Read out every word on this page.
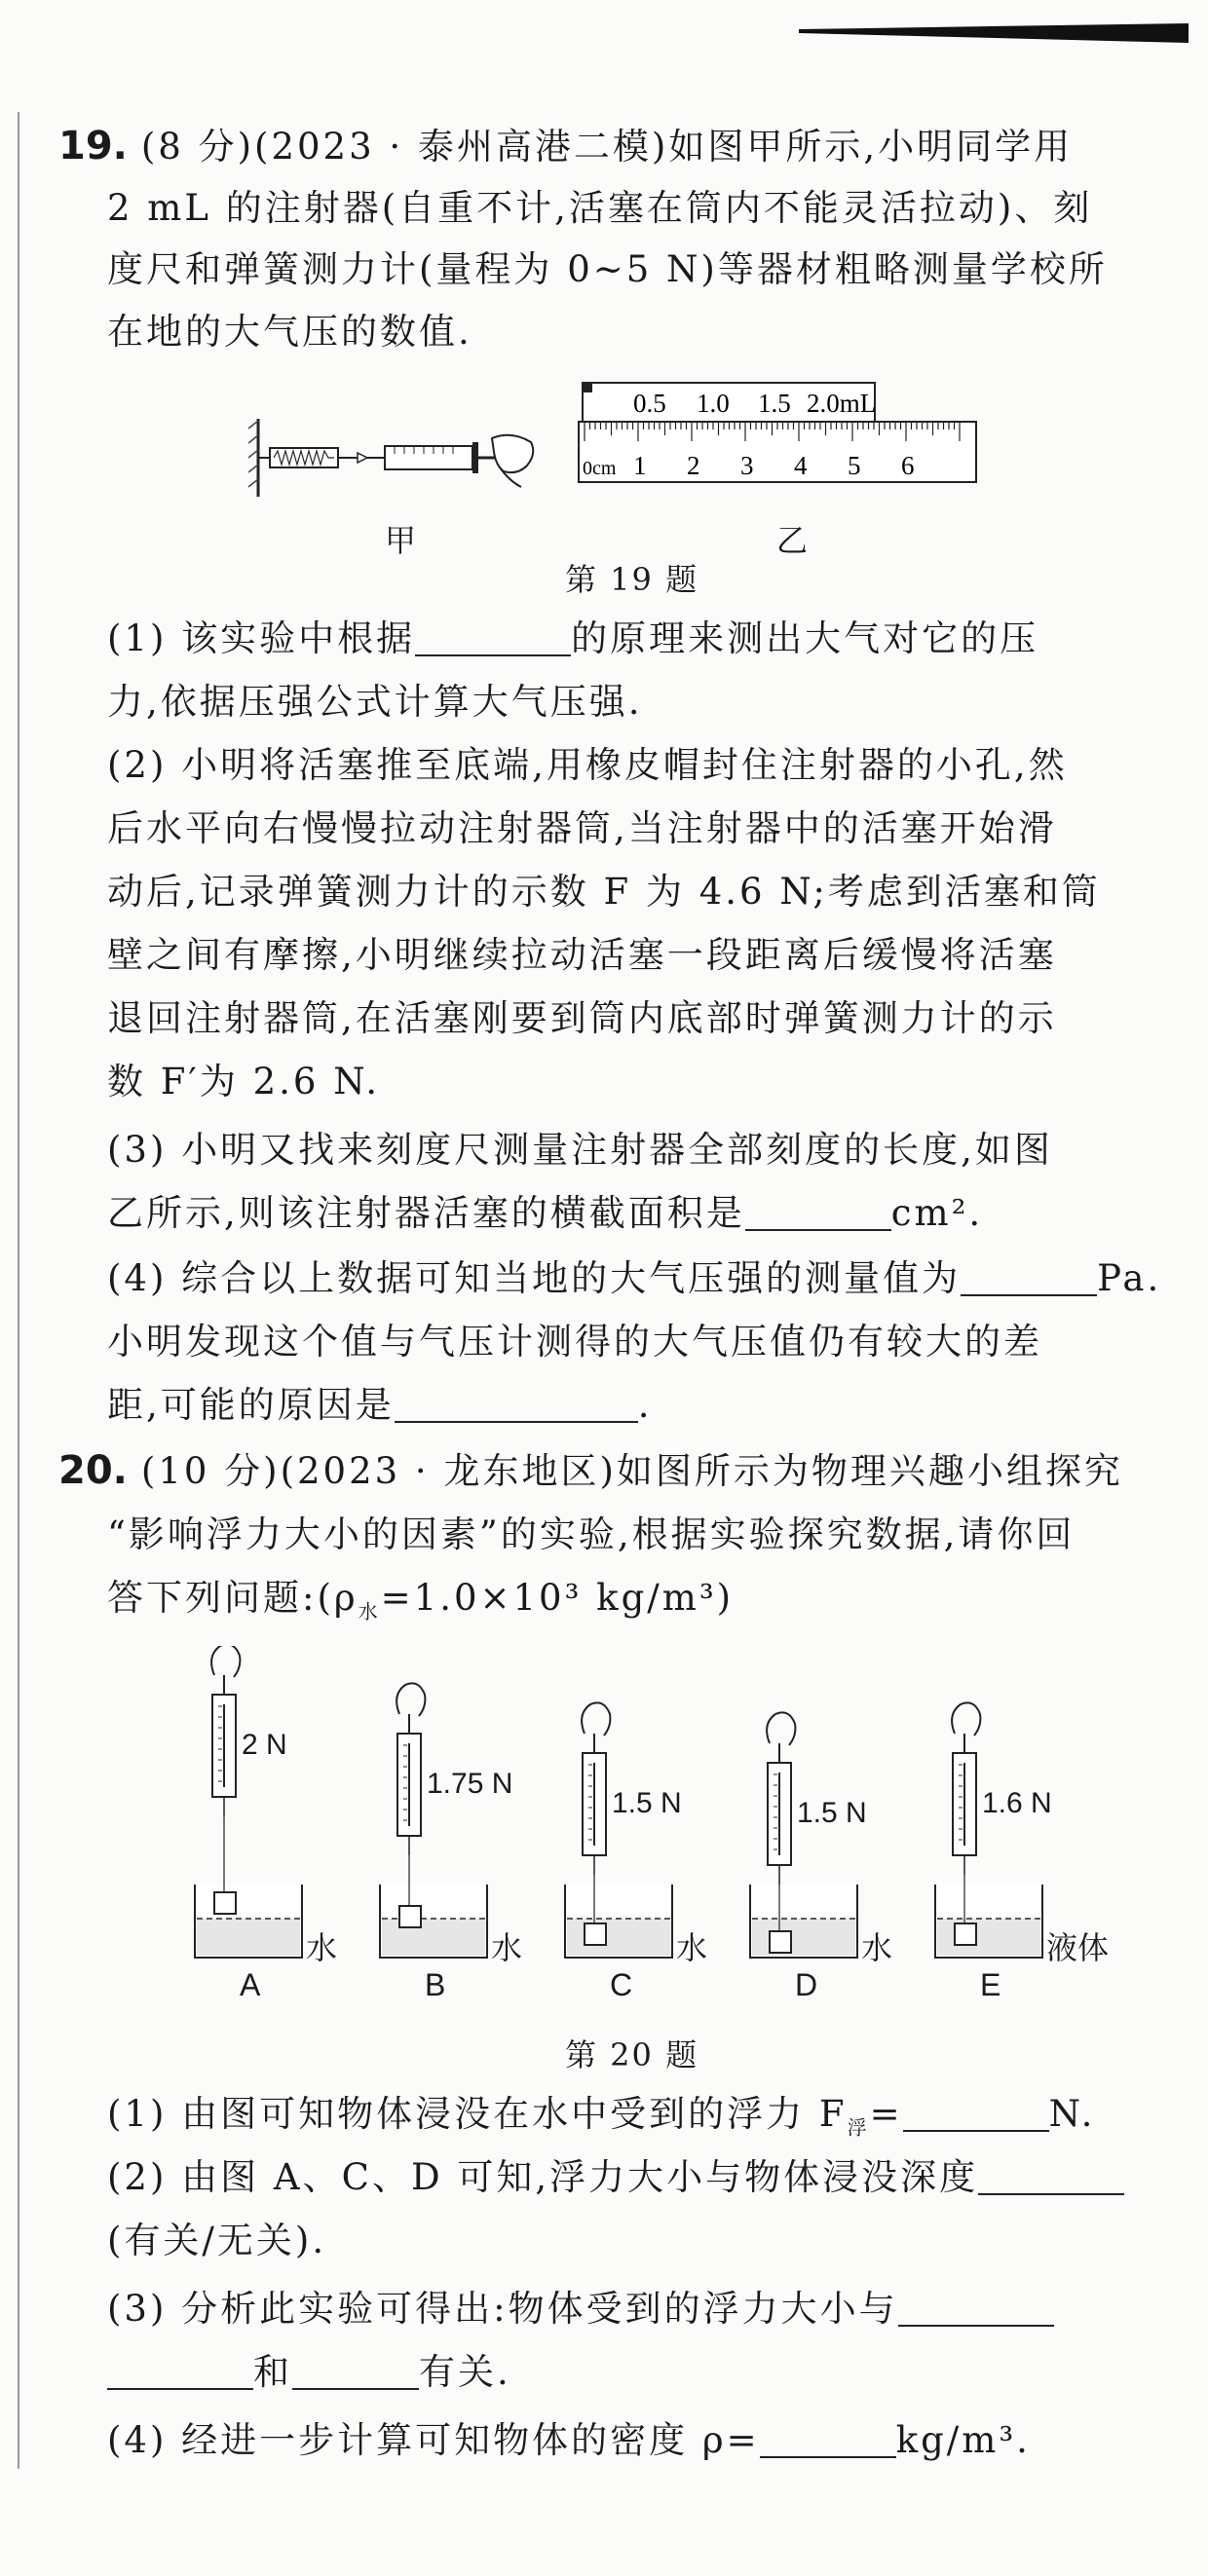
19. (8 分)(2023 · 泰州高港二模)如图甲所示,小明同学用
2 mL 的注射器(自重不计,活塞在筒内不能灵活拉动)、刻
度尺和弹簧测力计(量程为 0~5 N)等器材粗略测量学校所
在地的大气压的数值.
甲
0.5 1.0 1.5 2.0mL
0cm 1 2 3 4 5 6
乙
第 19 题
(1) 该实验中根据	的原理来测出大气对它的压
力,依据压强公式计算大气压强.
(2) 小明将活塞推至底端,用橡皮帽封住注射器的小孔,然
后水平向右慢慢拉动注射器筒,当注射器中的活塞开始滑
动后,记录弹簧测力计的示数 F 为 4.6 N;考虑到活塞和筒
壁之间有摩擦,小明继续拉动活塞一段距离后缓慢将活塞
退回注射器筒,在活塞刚要到筒内底部时弹簧测力计的示
数 F′为 2.6 N.
(3) 小明又找来刻度尺测量注射器全部刻度的长度,如图
乙所示,则该注射器活塞的横截面积是	cm².
(4) 综合以上数据可知当地的大气压强的测量值为	Pa.
小明发现这个值与气压计测得的大气压值仍有较大的差
距,可能的原因是	.
20. (10 分)(2023 · 龙东地区)如图所示为物理兴趣小组探究
“影响浮力大小的因素”的实验,根据实验探究数据,请你回
答下列问题$:(\rho_水=1.0\times 10^3$ kg/m³)
2 N
水
A
1.75 N
水
B
1.5 N
水
C
1.5 N
水
D
1.6 N
液体
E
第 20 题
(1) 由图可知物体浸没在水中受到的浮力 $F_浮=$	N.
(2) 由图 A、C、D 可知,浮力大小与物体浸没深度
(有关/无关).
(3) 分析此实验可得出:物体受到的浮力大小与
和	有关.
(4) 经进一步计算可知物体的密度 ρ=	kg/m³.
